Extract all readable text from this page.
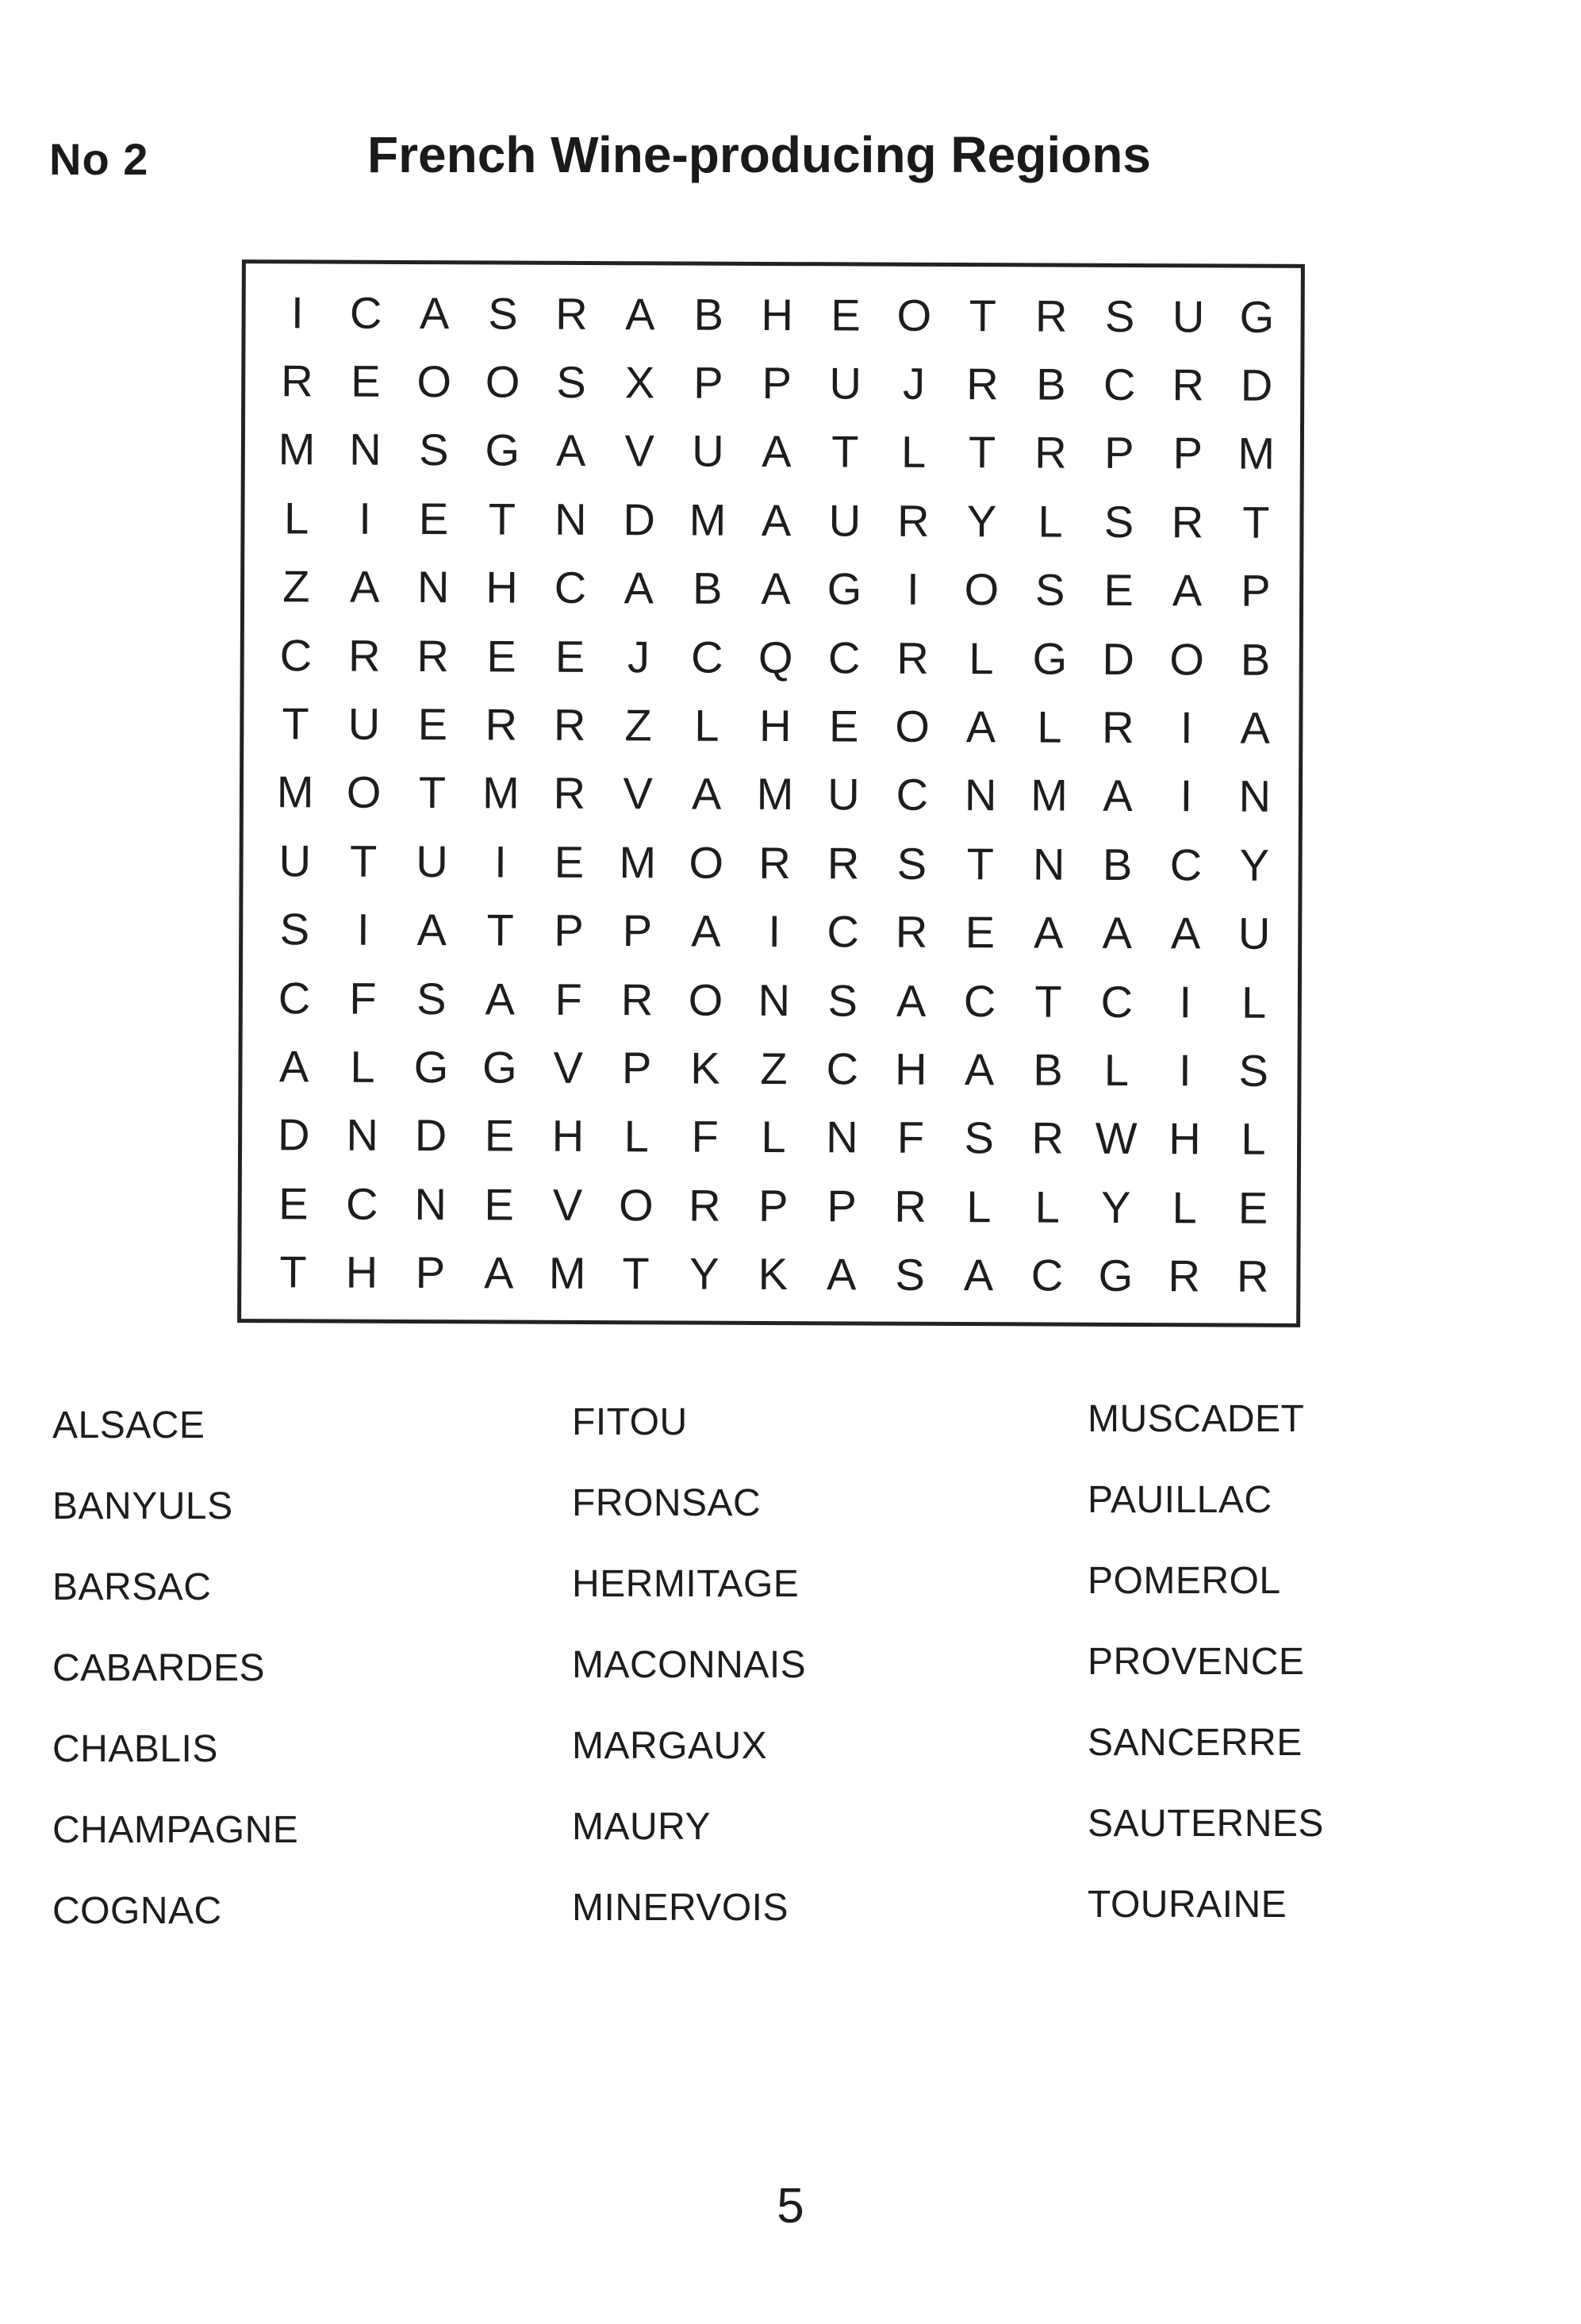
No 2	French Wine-producing Regions
I	C A S R A B H E O T R S U G
R E O O S X P P U J R B C R D
M N S G A V U A T L T R P P M
L	I	E T N D M A U R Y L S R T
Z A N H C A B A G	I	O S E A P
C R R E E J C Q C R L G D O B
T U E R R Z L H E O A L R	I	A
M O T M R V A M U C N M A	I	N
U T U	I	E M O R R S T N B C Y
S	I	A T P P A	I	C R E A A A U
C F S A F R O N S A C T C	I	L
A L G G V P K Z C H A B L	I	S
D N D E H L F L N F S R W H L
E C N E V O R P P R L L Y L E
T H P A M T Y K A S A C G R R
ALSACE
BANYULS
BARSAC
CABARDES
CHABLIS
CHAMPAGNE
COGNAC
FITOU
FRONSAC
HERMITAGE
MACONNAIS
MARGAUX
MAURY
MINERVOIS
MUSCADET
PAUILLAC
POMEROL
PROVENCE
SANCERRE
SAUTERNES
TOURAINE
5
